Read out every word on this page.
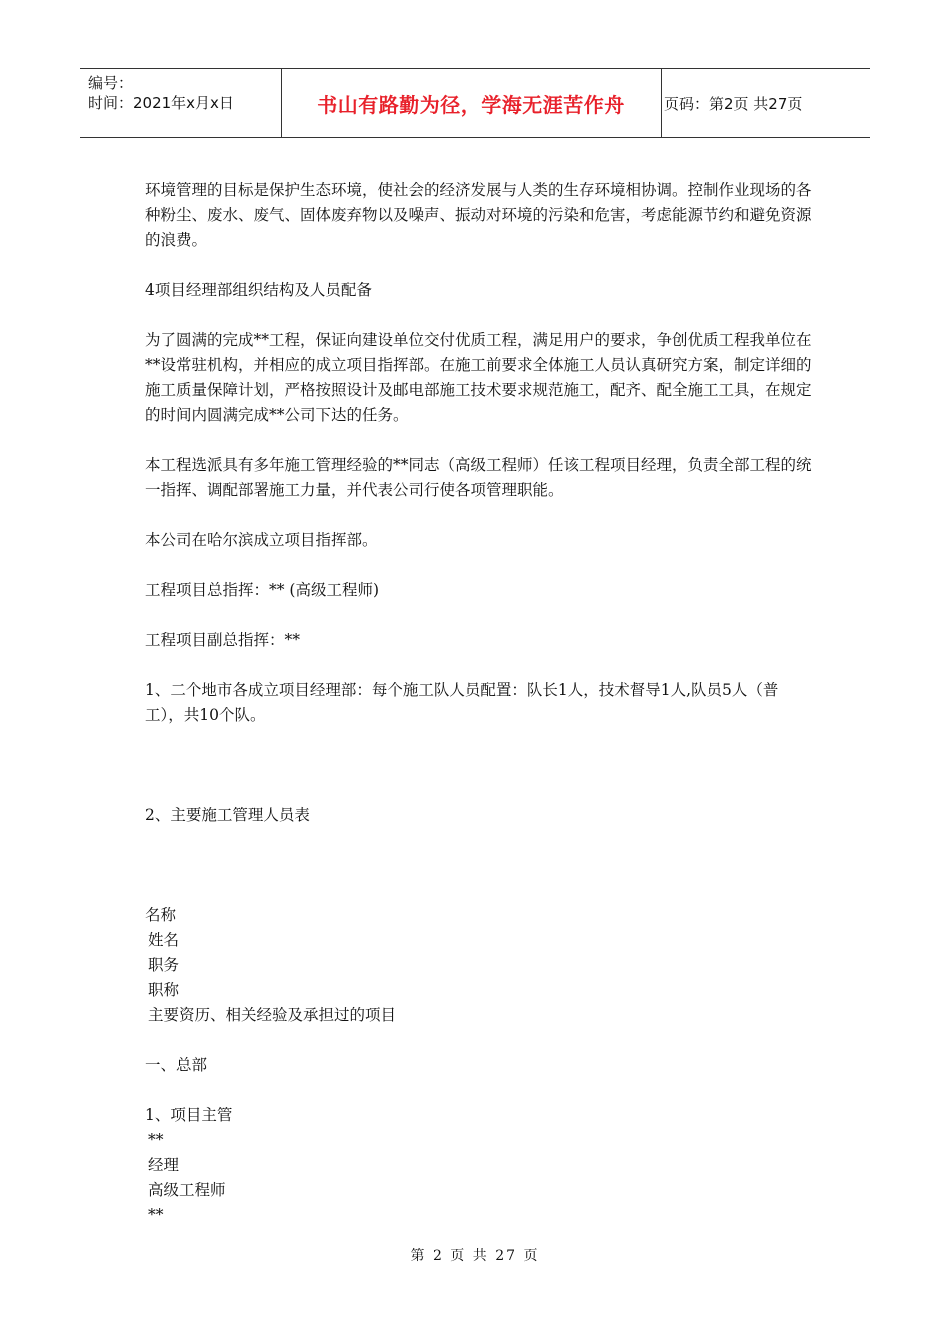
编号：
时间：2021年x月x日	书山有路勤为径，学海无涯苦作舟	页码：第2页 共27页

环境管理的目标是保护生态环境，使社会的经济发展与人类的生存环境相协调。控制作业现场的各种粉尘、废水、废气、固体废弃物以及噪声、振动对环境的污染和危害，考虑能源节约和避免资源的浪费。

4项目经理部组织结构及人员配备

为了圆满的完成**工程，保证向建设单位交付优质工程，满足用户的要求，争创优质工程我单位在**设常驻机构，并相应的成立项目指挥部。在施工前要求全体施工人员认真研究方案，制定详细的施工质量保障计划，严格按照设计及邮电部施工技术要求规范施工，配齐、配全施工工具，在规定的时间内圆满完成**公司下达的任务。

本工程选派具有多年施工管理经验的**同志（高级工程师）任该工程项目经理，负责全部工程的统一指挥、调配部署施工力量，并代表公司行使各项管理职能。

本公司在哈尔滨成立项目指挥部。

工程项目总指挥：** (高级工程师)

工程项目副总指挥：**

1、二个地市各成立项目经理部：每个施工队人员配置：队长1人，技术督导1人,队员5人（普工），共10个队。

2、主要施工管理人员表

名称
姓名
职务
职称
主要资历、相关经验及承担过的项目

一、总部

1、项目主管
**
经理
高级工程师
**
第 2 页 共 27 页
